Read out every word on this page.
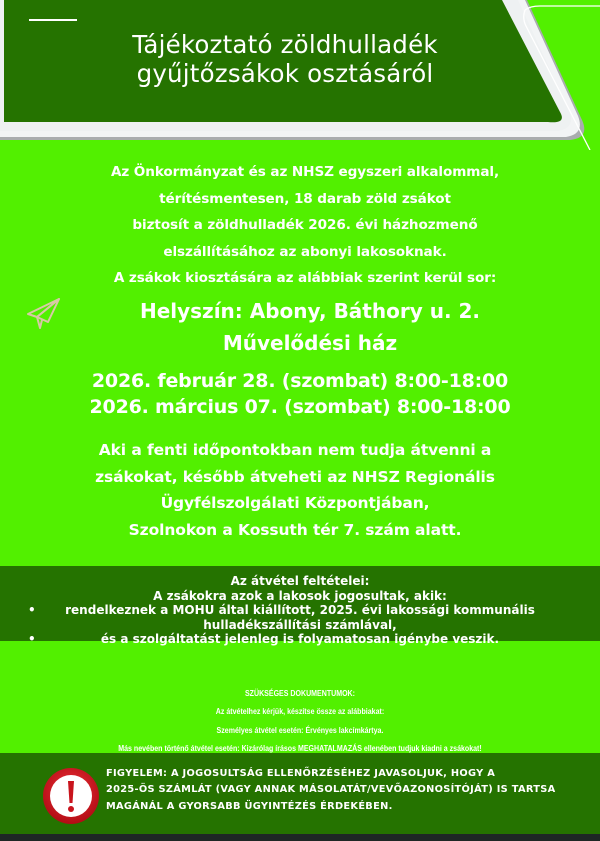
Tájékoztató zöldhulladék
gyűjtőzsákok osztásáról
Az Önkormányzat és az NHSZ egyszeri alkalommal,
térítésmentesen, 18 darab zöld zsákot
biztosít a zöldhulladék 2026. évi házhozmenő
elszállításához az abonyi lakosoknak.
A zsákok kiosztására az alábbiak szerint kerül sor:
Helyszín: Abony, Báthory u. 2.
Művelődési ház
2026. február 28. (szombat) 8:00-18:00
2026. március 07. (szombat) 8:00-18:00
Aki a fenti időpontokban nem tudja átvenni a
zsákokat, később átveheti az NHSZ Regionális
Ügyfélszolgálati Központjában,
Szolnokon a Kossuth tér 7. szám alatt.
Az átvétel feltételei:
A zsákokra azok a lakosok jogosultak, akik:
•	rendelkeznek a MOHU által kiállított, 2025. évi lakossági kommunális
hulladékszállítási számlával,
•	és a szolgáltatást jelenleg is folyamatosan igénybe veszik.
SZÜKSÉGES DOKUMENTUMOK:
Az átvételhez kérjük, készítse össze az alábbiakat:
Személyes átvétel esetén: Érvényes lakcímkártya.
Más nevében történő átvétel esetén: Kizárólag írásos MEGHATALMAZÁS ellenében tudjuk kiadni a zsákokat!
FIGYELEM: A JOGOSULTSÁG ELLENŐRZÉSÉHEZ JAVASOLJUK, HOGY A
2025-ÖS SZÁMLÁT (VAGY ANNAK MÁSOLATÁT/VEVŐAZONOSÍTÓJÁT) IS TARTSA
MAGÁNÁL A GYORSABB ÜGYINTÉZÉS ÉRDEKÉBEN.
